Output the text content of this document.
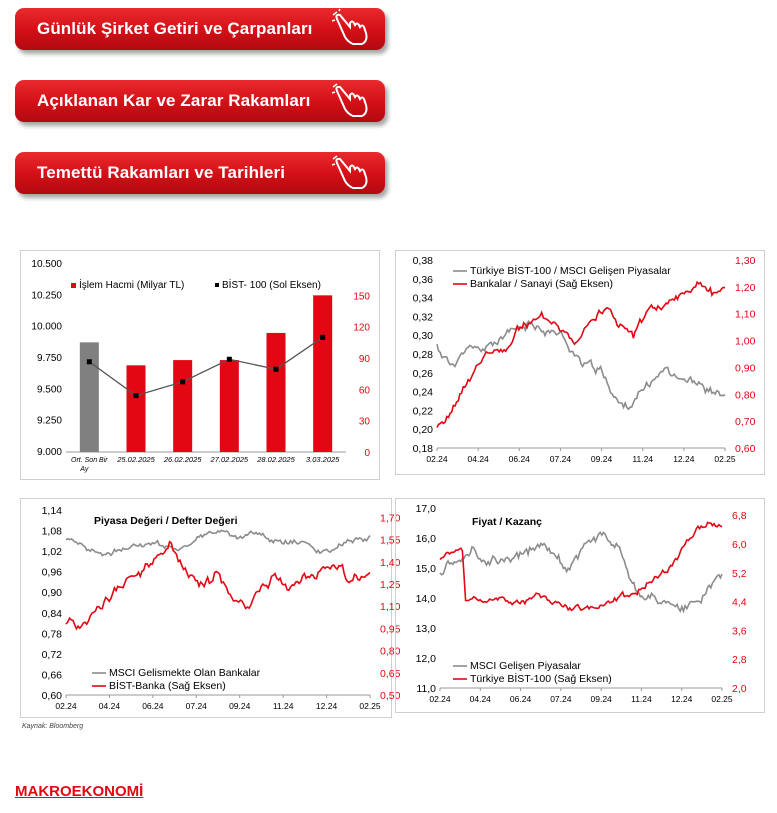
Günlük Şirket Getiri ve Çarpanları
Açıklanan Kar ve Zarar Rakamları
Temettü Rakamları ve Tarihleri
10.500
10.250
10.000
9.750
9.500
9.250
9.000
150
120
90
60
30
0
Ort. Son Bir
Ay
25.02.2025 26.02.2025 27.02.2025 28.02.2025 3.03.2025
İşlem Hacmi (Milyar TL)	BİST- 100 (Sol Eksen)
0,38
0,36
0,34
0,32
0,30
0,28
0,26
0,24
0,22
0,20
0,18
1,30
1,20
1,10
1,00
0,90
0,80
0,70
0,60
02.24 04.24 06.24 07.24 09.24 11.24 12.24 02.25
Türkiye BİST-100 / MSCI Gelişen Piyasalar
Bankalar / Sanayi (Sağ Eksen)
1,14
1,08
1,02
0,96
0,90
0,84
0,78
0,72
0,66
0,60
1,70
1,55
1,40
1,25
1,10
0,95
0,80
0,65
0,50
02.24	04.24	06.24	07.24	09.24	11.24	12.24	02.25
MSCI Gelismekte Olan Bankalar
BİST-Banka (Sağ Eksen)
Piyasa Değeri / Defter Değeri
17,0
16,0
15,0
14,0
13,0
12,0
11,0
6,8
6,0
5,2
4,4
3,6
2,8
2,0
02.24 04.24 06.24 07.24 09.24 11.24 12.24 02.25
MSCI Gelişen Piyasalar
Türkiye BİST-100 (Sağ Eksen)
Fiyat / Kazanç
Kaynak: Bloomberg
MAKROEKONOMİ
